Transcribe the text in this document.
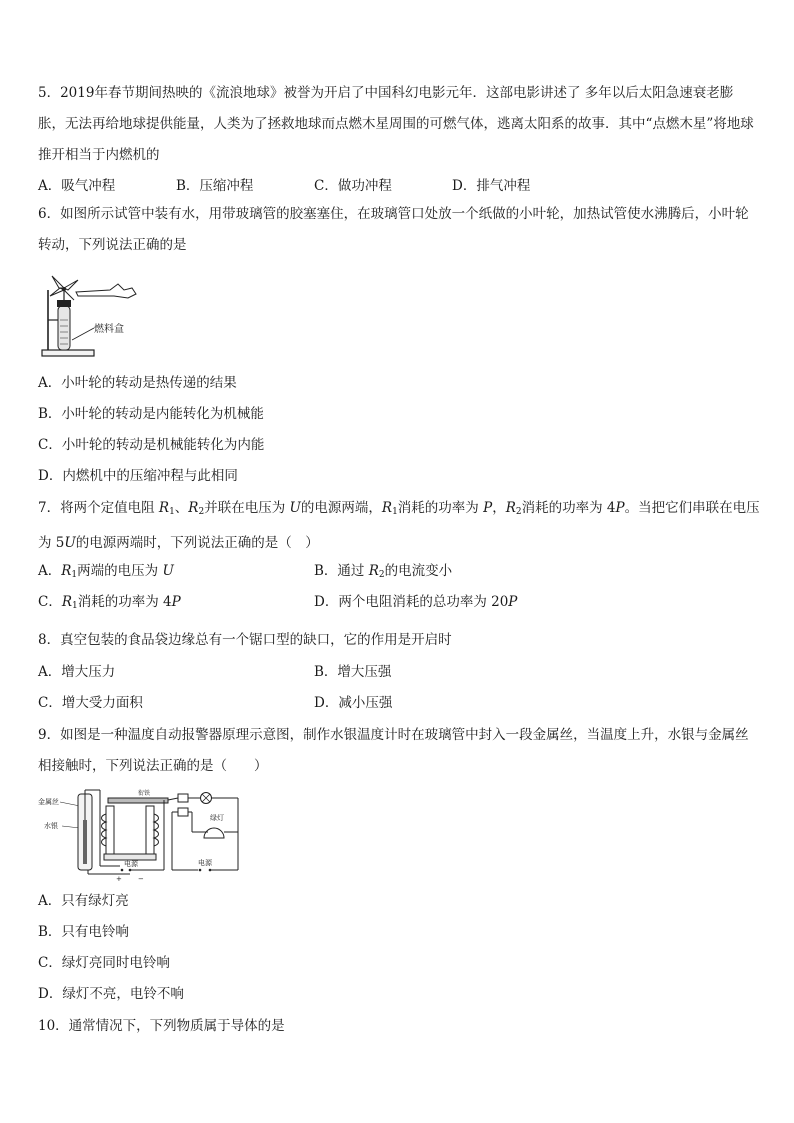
5．2019年春节期间热映的《流浪地球》被誉为开启了中国科幻电影元年．这部电影讲述了 多年以后太阳急速衰老膨胀，无法再给地球提供能量，人类为了拯救地球而点燃木星周围的可燃气体，逃离太阳系的故事．其中“点燃木星”将地球推开相当于内燃机的
A．吸气冲程	B．压缩冲程	C．做功冲程	D．排气冲程
6．如图所示试管中装有水，用带玻璃管的胶塞塞住，在玻璃管口处放一个纸做的小叶轮，加热试管使水沸腾后，小叶轮转动，下列说法正确的是
燃料盒
A．小叶轮的转动是热传递的结果
B．小叶轮的转动是内能转化为机械能
C．小叶轮的转动是机械能转化为内能
D．内燃机中的压缩冲程与此相同
7．将两个定值电阻 $R_1$、$R_2$并联在电压为 U的电源两端，$R_1$消耗的功率为 P，$R_2$消耗的功率为 4P。当把它们串联在电压为 5U的电源两端时，下列说法正确的是（　）
A．$R_1$两端的电压为 U	B．通过 $R_2$的电流变小
C．$R_1$消耗的功率为 4P	D．两个电阻消耗的总功率为 20P
8．真空包装的食品袋边缘总有一个锯口型的缺口，它的作用是开启时
A．增大压力	B．增大压强
C．增大受力面积	D．减小压强
9．如图是一种温度自动报警器原理示意图，制作水银温度计时在玻璃管中封入一段金属丝，当温度上升，水银与金属丝相接触时，下列说法正确的是（　　）
金属丝
水银
电源
+ −
衔铁
绿灯
电源
A．只有绿灯亮
B．只有电铃响
C．绿灯亮同时电铃响
D．绿灯不亮，电铃不响
10．通常情况下，下列物质属于导体的是
